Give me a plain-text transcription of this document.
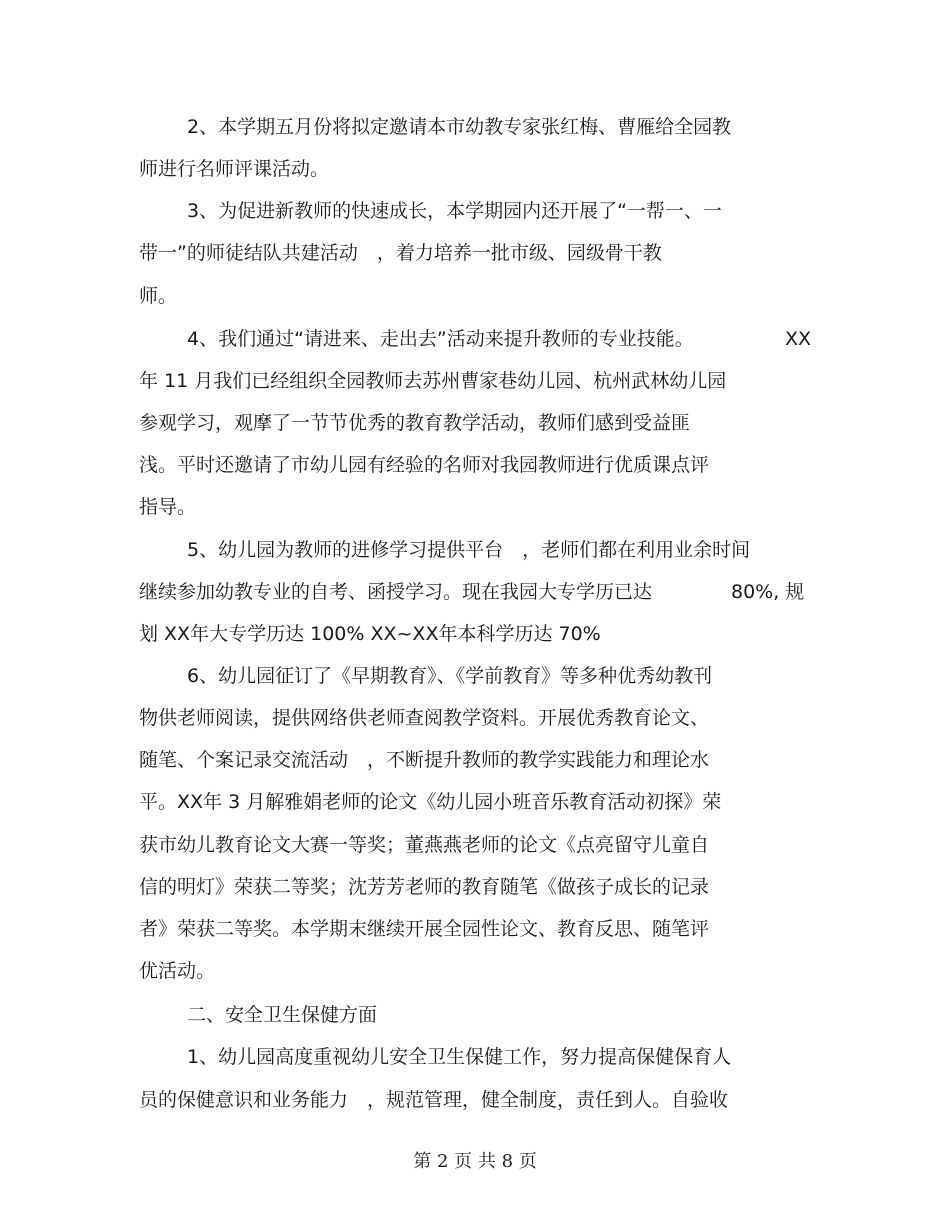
2、本学期五月份将拟定邀请本市幼教专家张红梅、曹雁给全园教
师进行名师评课活动。
3、为促进新教师的快速成长，本学期园内还开展了“一帮一、一
带一”的师徒结队共建活动　，着力培养一批市级、园级骨干教
师。
4、我们通过“请进来、走出去”活动来提升教师的专业技能。	XX
年 11 月我们已经组织全园教师去苏州曹家巷幼儿园、杭州武林幼儿园
参观学习，观摩了一节节优秀的教育教学活动，教师们感到受益匪
浅。平时还邀请了市幼儿园有经验的名师对我园教师进行优质课点评
指导。
5、幼儿园为教师的进修学习提供平台　，老师们都在利用业余时间
继续参加幼教专业的自考、函授学习。现在我园大专学历已达	80%, 规
划 XX年大专学历达 100% XX~XX年本科学历达 70%
6、幼儿园征订了《早期教育》、《学前教育》等多种优秀幼教刊
物供老师阅读，提供网络供老师查阅教学资料。开展优秀教育论文、
随笔、个案记录交流活动　，不断提升教师的教学实践能力和理论水
平。XX年 3 月解雅娟老师的论文《幼儿园小班音乐教育活动初探》荣
获市幼儿教育论文大赛一等奖；董燕燕老师的论文《点亮留守儿童自
信的明灯》荣获二等奖；沈芳芳老师的教育随笔《做孩子成长的记录
者》荣获二等奖。本学期末继续开展全园性论文、教育反思、随笔评
优活动。
二、安全卫生保健方面
1、幼儿园高度重视幼儿安全卫生保健工作，努力提高保健保育人
员的保健意识和业务能力　，规范管理，健全制度，责任到人。自验收
第 2 页 共 8 页
